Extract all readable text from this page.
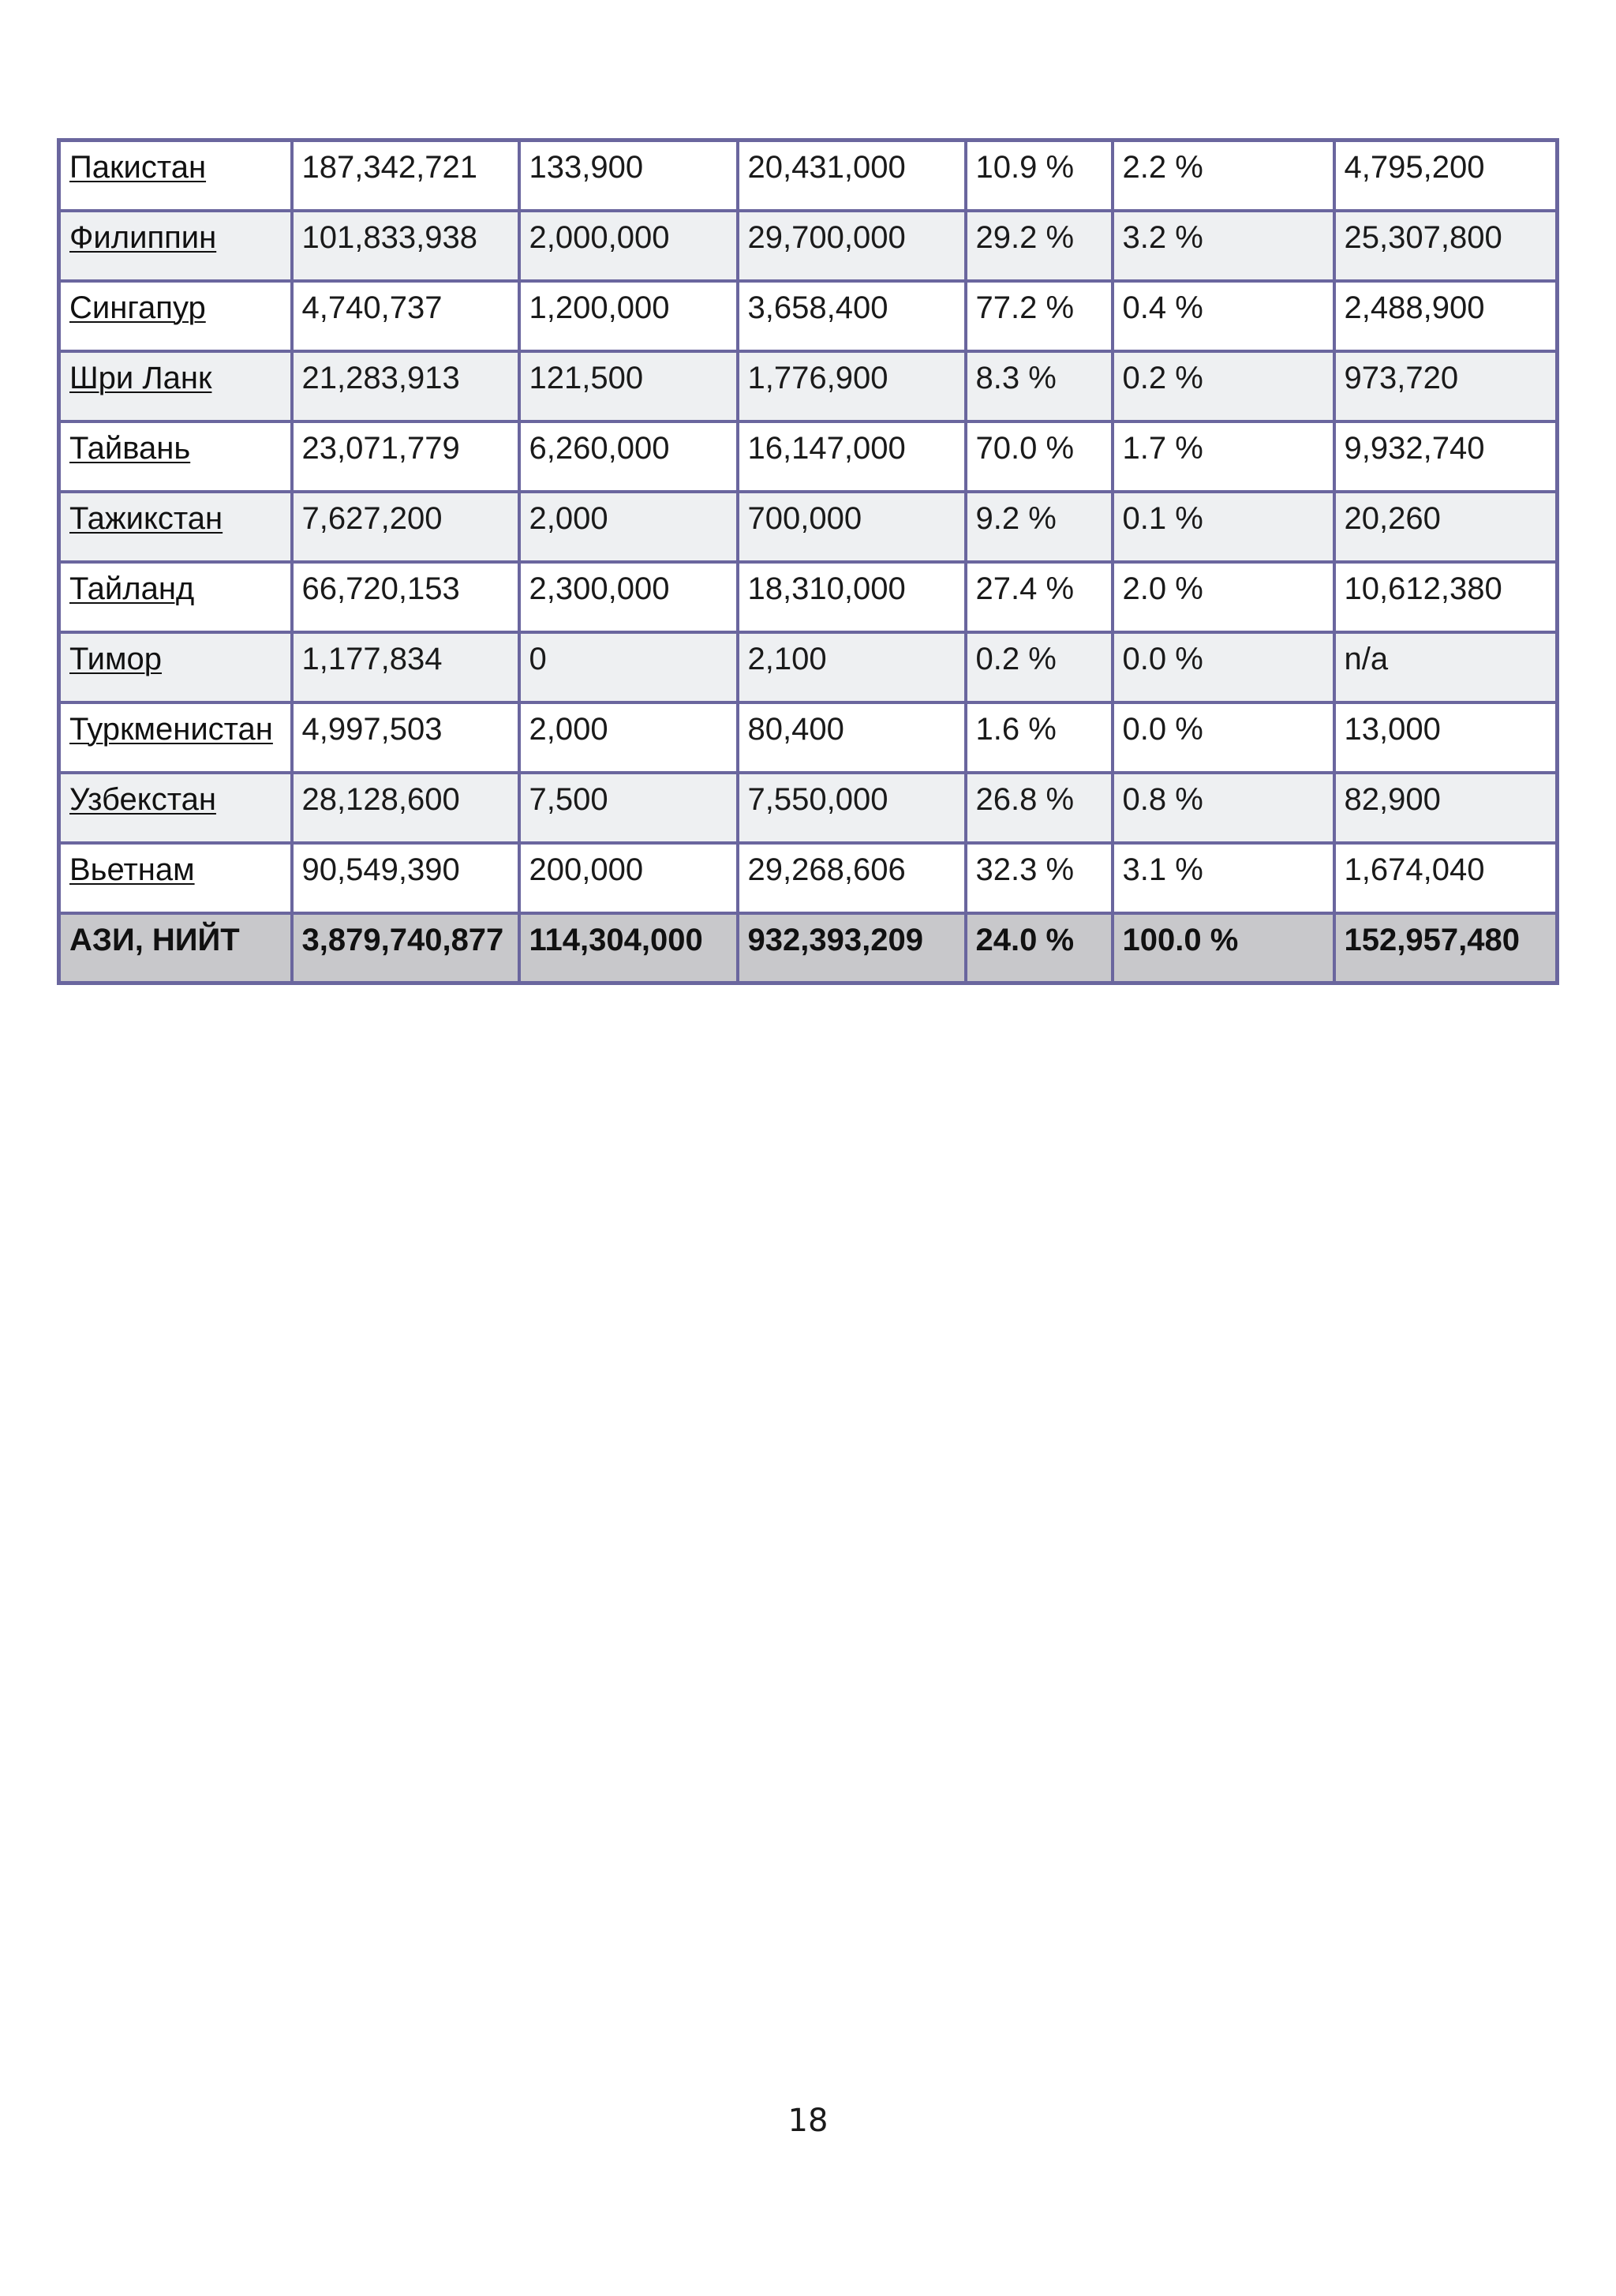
Пакистан	187,342,721	133,900	20,431,000	10.9 %	2.2 %	4,795,200
Филиппин	101,833,938	2,000,000	29,700,000	29.2 %	3.2 %	25,307,800
Сингапур	4,740,737	1,200,000	3,658,400	77.2 %	0.4 %	2,488,900
Шри Ланк	21,283,913	121,500	1,776,900	8.3 %	0.2 %	973,720
Тайвань	23,071,779	6,260,000	16,147,000	70.0 %	1.7 %	9,932,740
Тажикстан	7,627,200	2,000	700,000	9.2 %	0.1 %	20,260
Тайланд	66,720,153	2,300,000	18,310,000	27.4 %	2.0 %	10,612,380
Тимор	1,177,834	0	2,100	0.2 %	0.0 %	n/a
Туркменистан	4,997,503	2,000	80,400	1.6 %	0.0 %	13,000
Узбекстан	28,128,600	7,500	7,550,000	26.8 %	0.8 %	82,900
Вьетнам	90,549,390	200,000	29,268,606	32.3 %	3.1 %	1,674,040
АЗИ, НИЙТ	3,879,740,877	114,304,000	932,393,209	24.0 %	100.0 %	152,957,480
18
